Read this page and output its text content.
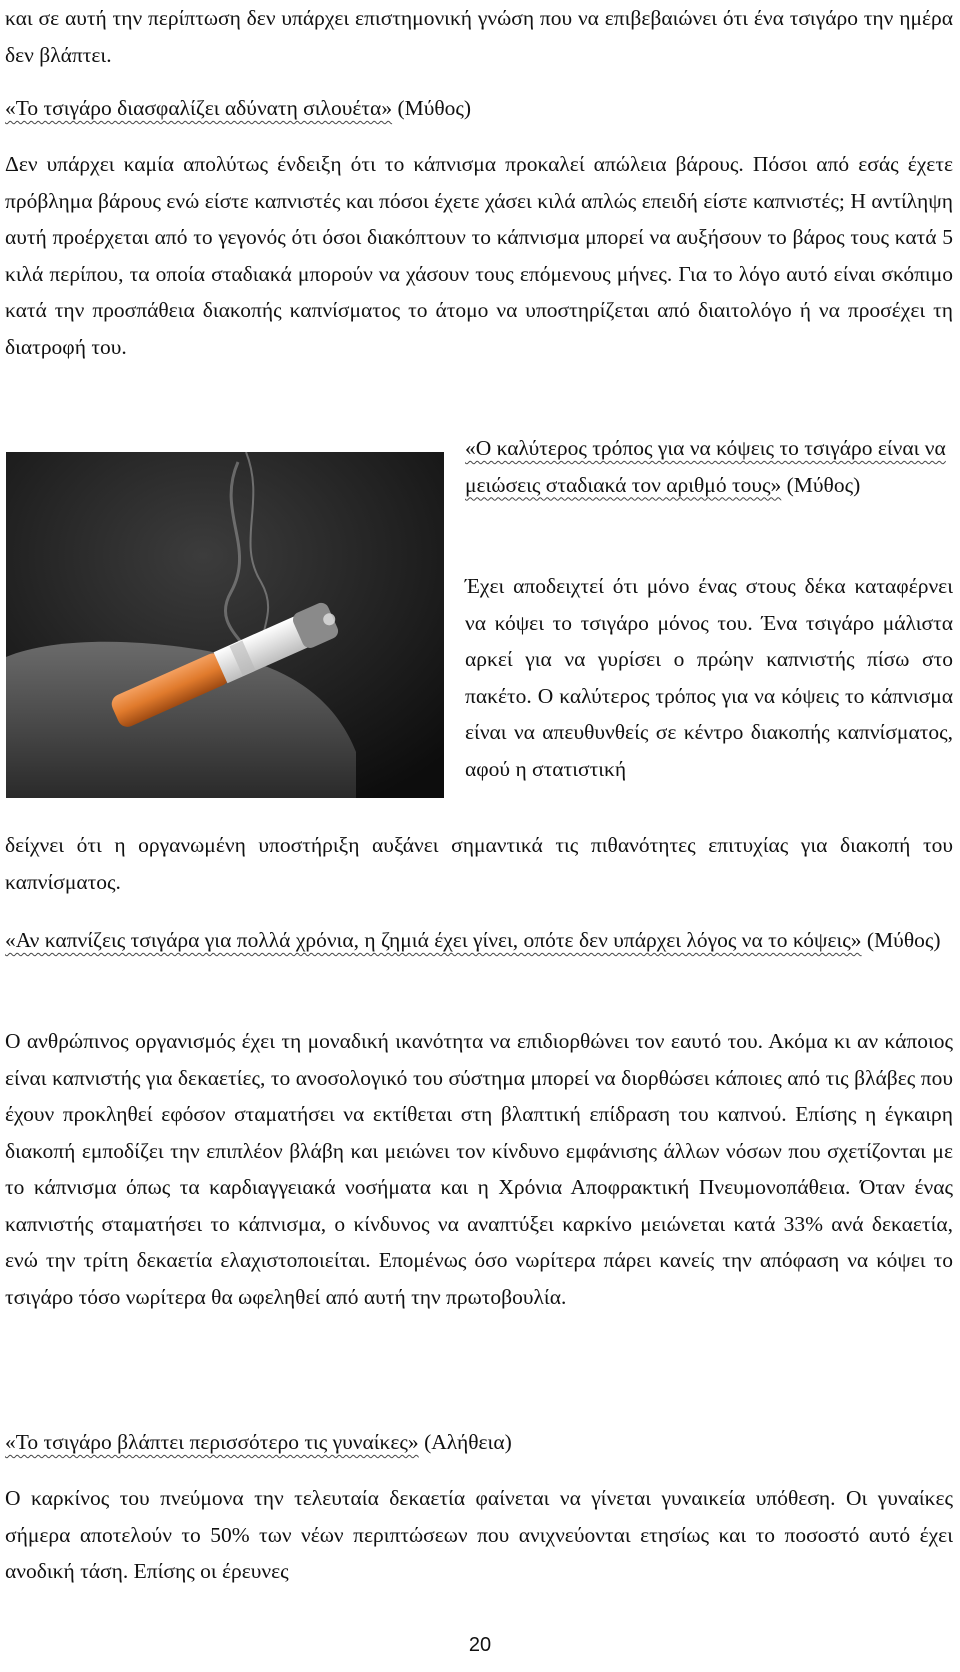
και σε αυτή την περίπτωση δεν υπάρχει επιστημονική γνώση που να επιβεβαιώνει ότι ένα τσιγάρο την ημέρα δεν βλάπτει.

«Το τσιγάρο διασφαλίζει αδύνατη σιλουέτα» (Μύθος)

Δεν υπάρχει καμία απολύτως ένδειξη ότι το κάπνισμα προκαλεί απώλεια βάρους. Πόσοι από εσάς έχετε πρόβλημα βάρους ενώ είστε καπνιστές και πόσοι έχετε χάσει κιλά απλώς επειδή είστε καπνιστές; Η αντίληψη αυτή προέρχεται από το γεγονός ότι όσοι διακόπτουν το κάπνισμα μπορεί να αυξήσουν το βάρος τους κατά 5 κιλά περίπου, τα οποία σταδιακά μπορούν να χάσουν τους επόμενους μήνες. Για το λόγο αυτό είναι σκόπιμο κατά την προσπάθεια διακοπής καπνίσματος το άτομο να υποστηρίζεται από διαιτολόγο ή να προσέχει τη διατροφή του.

«Ο καλύτερος τρόπος για να κόψεις το τσιγάρο είναι να μειώσεις σταδιακά τον αριθμό τους» (Μύθος)

Έχει αποδειχτεί ότι μόνο ένας στους δέκα καταφέρνει να κόψει το τσιγάρο μόνος του. Ένα τσιγάρο μάλιστα αρκεί για να γυρίσει ο πρώην καπνιστής πίσω στο πακέτο. Ο καλύτερος τρόπος για να κόψεις το κάπνισμα είναι να απευθυνθείς σε κέντρο διακοπής καπνίσματος, αφού η στατιστική

δείχνει ότι η οργανωμένη υποστήριξη αυξάνει σημαντικά τις πιθανότητες επιτυχίας για διακοπή του καπνίσματος.

«Αν καπνίζεις τσιγάρα για πολλά χρόνια, η ζημιά έχει γίνει, οπότε δεν υπάρχει λόγος να το κόψεις» (Μύθος)

Ο ανθρώπινος οργανισμός έχει τη μοναδική ικανότητα να επιδιορθώνει τον εαυτό του. Ακόμα κι αν κάποιος είναι καπνιστής για δεκαετίες, το ανοσολογικό του σύστημα μπορεί να διορθώσει κάποιες από τις βλάβες που έχουν προκληθεί εφόσον σταματήσει να εκτίθεται στη βλαπτική επίδραση του καπνού. Επίσης η έγκαιρη διακοπή εμποδίζει την επιπλέον βλάβη και μειώνει τον κίνδυνο εμφάνισης άλλων νόσων που σχετίζονται με το κάπνισμα όπως τα καρδιαγγειακά νοσήματα και η Χρόνια Αποφρακτική Πνευμονοπάθεια. Όταν ένας καπνιστής σταματήσει το κάπνισμα, ο κίνδυνος να αναπτύξει καρκίνο μειώνεται κατά 33% ανά δεκαετία, ενώ την τρίτη δεκαετία ελαχιστοποιείται. Επομένως όσο νωρίτερα πάρει κανείς την απόφαση να κόψει το τσιγάρο τόσο νωρίτερα θα ωφεληθεί από αυτή την πρωτοβουλία.

«Το τσιγάρο βλάπτει περισσότερο τις γυναίκες» (Αλήθεια)

Ο καρκίνος του πνεύμονα την τελευταία δεκαετία φαίνεται να γίνεται γυναικεία υπόθεση. Οι γυναίκες σήμερα αποτελούν το 50% των νέων περιπτώσεων που ανιχνεύονται ετησίως και το ποσοστό αυτό έχει ανοδική τάση. Επίσης οι έρευνες

20
